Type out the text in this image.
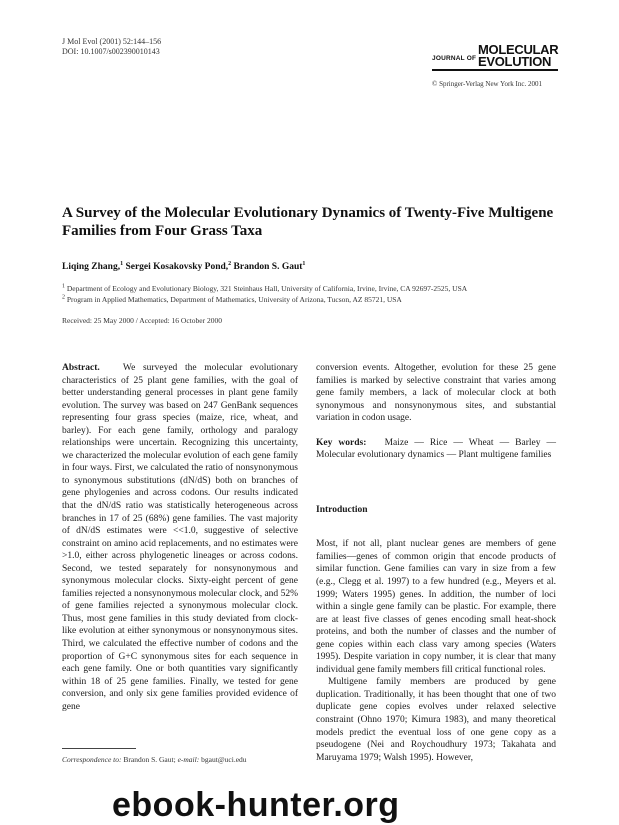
J Mol Evol (2001) 52:144–156
DOI: 10.1007/s002390010143
JOURNAL OF
MOLECULAR
EVOLUTION
© Springer-Verlag New York Inc. 2001
A Survey of the Molecular Evolutionary Dynamics of Twenty-Five Multigene Families from Four Grass Taxa
Liqing Zhang,$^1$ Sergei Kosakovsky Pond,$^2$ Brandon S. Gaut$^1$
$^1$ Department of Ecology and Evolutionary Biology, 321 Steinhaus Hall, University of California, Irvine, Irvine, CA 92697-2525, USA
$^2$ Program in Applied Mathematics, Department of Mathematics, University of Arizona, Tucson, AZ 85721, USA
Received: 25 May 2000 / Accepted: 16 October 2000

Abstract. We surveyed the molecular evolutionary characteristics of 25 plant gene families, with the goal of better understanding general processes in plant gene family evolution. The survey was based on 247 GenBank sequences representing four grass species (maize, rice, wheat, and barley). For each gene family, orthology and paralogy relationships were uncertain. Recognizing this uncertainty, we characterized the molecular evolution of each gene family in four ways. First, we calculated the ratio of nonsynonymous to synonymous substitutions (dN/dS) both on branches of gene phylogenies and across codons. Our results indicated that the dN/dS ratio was statistically heterogeneous across branches in 17 of 25 (68%) gene families. The vast majority of dN/dS estimates were <<1.0, suggestive of selective constraint on amino acid replacements, and no estimates were >1.0, either across phylogenetic lineages or across codons. Second, we tested separately for nonsynonymous and synonymous molecular clocks. Sixty-eight percent of gene families rejected a nonsynonymous molecular clock, and 52% of gene families rejected a synonymous molecular clock. Thus, most gene families in this study deviated from clock-like evolution at either synonymous or nonsynonymous sites. Third, we calculated the effective number of codons and the proportion of G+C synonymous sites for each sequence in each gene family. One or both quantities vary significantly within 18 of 25 gene families. Finally, we tested for gene conversion, and only six gene families provided evidence of gene

conversion events. Altogether, evolution for these 25 gene families is marked by selective constraint that varies among gene family members, a lack of molecular clock at both synonymous and nonsynonymous sites, and substantial variation in codon usage.

Key words: Maize — Rice — Wheat — Barley — Molecular evolutionary dynamics — Plant multigene families

Introduction

Most, if not all, plant nuclear genes are members of gene families—genes of common origin that encode products of similar function. Gene families can vary in size from a few (e.g., Clegg et al. 1997) to a few hundred (e.g., Meyers et al. 1999; Waters 1995) genes. In addition, the number of loci within a single gene family can be plastic. For example, there are at least five classes of genes encoding small heat-shock proteins, and both the number of classes and the number of gene copies within each class vary among species (Waters 1995). Despite variation in copy number, it is clear that many individual gene family members fill critical functional roles.

Multigene family members are produced by gene duplication. Traditionally, it has been thought that one of two duplicate gene copies evolves under relaxed selective constraint (Ohno 1970; Kimura 1983), and many theoretical models predict the eventual loss of one gene copy as a pseudogene (Nei and Roychoudhury 1973; Takahata and Maruyama 1979; Walsh 1995). However,

Correspondence to: Brandon S. Gaut; e-mail: bgaut@uci.edu
ebook-hunter.org
